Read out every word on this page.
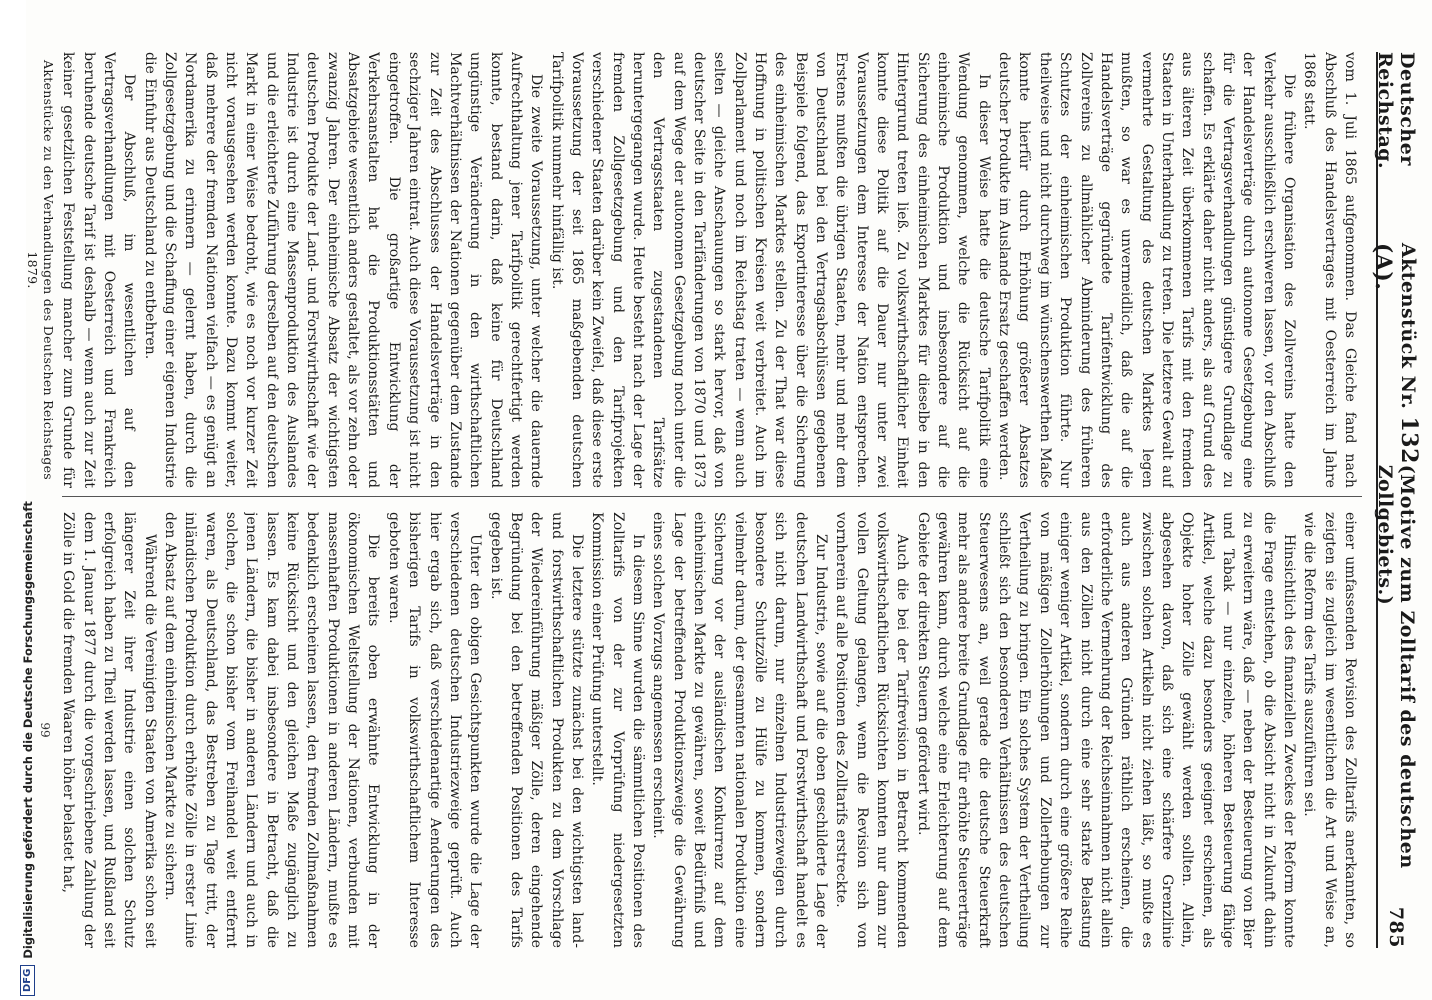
DFG
Digitalisierung gefördert durch die Deutsche Forschungsgemeinschaft
Deutscher Reichstag.
Aktenstück Nr. 132 (A).
(Motive zum Zolltarif des deutschen Zollgebiets.)
785

vom 1. Juli 1865 aufgenommen. Das Gleiche fand nach Abschluß des Handelsvertrages mit Oesterreich im Jahre 1868 statt.

Die frühere Organisation des Zollvereins hatte den Verkehr ausschließlich erschweren lassen, vor den Abschluß der Handelsverträge durch autonome Gesetzgebung eine für die Vertragsverhandlungen günstigere Grundlage zu schaffen. Es erklärte daher nicht anders, als auf Grund des aus älteren Zeit überkommenen Tarifs mit den fremden Staaten in Unterhandlung zu treten. Die letztere Gewalt auf vermehrte Gestaltung des deutschen Marktes legen mußten, so war es unvermeidlich, daß die auf die Handelsverträge gegründete Tarifentwicklung des Zollvereins zu allmählicher Abminderung des früheren Schutzes der einheimischen Produktion führte. Nur theilweise und nicht durchweg im wünschenswerthen Maße konnte hierfür durch Erhöhung größerer Absatzes deutscher Produkte im Auslande Ersatz geschaffen werden.

In dieser Weise hatte die deutsche Tarifpolitik eine Wendung genommen, welche die Rücksicht auf die einheimische Produktion und insbesondere auf die Sicherung des einheimischen Marktes für dieselbe in den Hintergrund treten ließ. Zu volkswirthschaftlicher Einheit konnte diese Politik auf die Dauer nur unter zwei Voraussetzungen dem Interesse der Nation entsprechen. Erstens mußten die übrigen Staaten, mehr und mehr dem von Deutschland bei den Vertragsabschlüssen gegebenen Beispiele folgend, das Exportinteresse über die Sicherung des einheimischen Marktes stellen. Zu der That war diese Hoffnung in politischen Kreisen weit verbreitet. Auch im Zollparlament und noch im Reichstag traten — wenn auch selten — gleiche Anschauungen so stark hervor, daß von deutscher Seite in den Tarifänderungen von 1870 und 1873 auf dem Wege der autonomen Gesetzgebung noch unter die den Vertragsstaaten zugestandenen Tarifsätze heruntergegangen wurde. Heute besteht nach der Lage der fremden Zollgesetzgebung und den Tarifprojekten verschiedener Staaten darüber kein Zweifel, daß diese erste Voraussetzung der seit 1865 maßgebenden deutschen Tarifpolitik nunmehr hinfällig ist.

Die zweite Voraussetzung, unter welcher die dauernde Aufrechthaltung jener Tarifpolitik gerechtfertigt werden konnte, bestand darin, daß keine für Deutschland ungünstige Veränderung in den wirthschaftlichen Machtverhältnissen der Nationen gegenüber dem Zustande zur Zeit des Abschlusses der Handelsverträge in den sechziger Jahren eintrat. Auch diese Voraussetzung ist nicht eingetroffen. Die großartige Entwicklung der Verkehrsanstalten hat die Produktionsstätten und Absatzgebiete wesentlich anders gestaltet, als vor zehn oder zwanzig Jahren. Der einheimische Absatz der wichtigsten deutschen Produkte der Land- und Forstwirthschaft wie der Industrie ist durch eine Massenproduktion des Auslandes und die erleichterte Zuführung derselben auf den deutschen Markt in einer Weise bedroht, wie es noch vor kurzer Zeit nicht vorausgesehen werden konnte. Dazu kommt weiter, daß mehrere der fremden Nationen vielfach — es genügt an Nordamerika zu erinnern — gelernt haben, durch die Zollgesetzgebung und die Schaffung einer eigenen Industrie die Einfuhr aus Deutschland zu entbehren.

Der Abschluß, im wesentlichen auf den Vertragsverhandlungen mit Oesterreich und Frankreich beruhende deutsche Tarif ist deshalb — wenn auch zur Zeit keiner gesetzlichen Feststellung mancher zum Grunde für

einer umfassenden Revision des Zolltarifs anerkannten, so zeigten sie zugleich im wesentlichen die Art und Weise an, wie die Reform des Tarifs auszuführen sei.

Hinsichtlich des finanziellen Zweckes der Reform konnte die Frage entstehen, ob die Absicht nicht in Zukunft dahin zu erweitern wäre, daß — neben der Besteuerung von Bier und Tabak — nur einzelne, höheren Besteuerung fähige Artikel, welche dazu besonders geeignet erscheinen, als Objekte hoher Zölle gewählt werden sollten. Allein, abgesehen davon, daß sich eine schärfere Grenzlinie zwischen solchen Artikeln nicht ziehen läßt, so mußte es auch aus anderen Gründen räthlich erscheinen, die erforderliche Vermehrung der Reichseinnahmen nicht allein aus den Zöllen nicht durch eine sehr starke Belastung einiger weniger Artikel, sondern durch eine größere Reihe von mäßigen Zollerhöhungen und Zollerhebungen zur Vertheilung zu bringen. Ein solches System der Vertheilung schließt sich den besonderen Verhältnissen des deutschen Steuerwesens an, weil gerade die deutsche Steuerkraft mehr als andere breite Grundlage für erhöhte Steuererträge gewähren kann, durch welche eine Erleichterung auf dem Gebiete der direkten Steuern gefördert wird.

Auch die bei der Tarifrevision in Betracht kommenden volkswirthschaftlichen Rücksichten konnten nur dann zur vollen Geltung gelangen, wenn die Revision sich von vornherein auf alle Positionen des Zolltarifs erstreckte.

Zur Industrie, sowie auf die oben geschilderte Lage der deutschen Landwirthschaft und Forstwirthschaft handelt es sich nicht darum, nur einzelnen Industriezweigen durch besondere Schutzzölle zu Hülfe zu kommen, sondern vielmehr darum, der gesammten nationalen Produktion eine Sicherung vor der ausländischen Konkurrenz auf dem einheimischen Markte zu gewähren, soweit Bedürfniß und Lage der betreffenden Produktionszweige die Gewährung eines solchen Vorzugs angemessen erscheint.

In diesem Sinne wurden die sämmtlichen Positionen des Zolltarifs von der zur Vorprüfung niedergesetzten Kommission einer Prüfung unterstellt.

Die letztere stützte zunächst bei den wichtigsten land- und forstwirthschaftlichen Produkten zu dem Vorschlage der Wiedereinführung mäßiger Zölle, deren eingehende Begründung bei den betreffenden Positionen des Tarifs gegeben ist.

Unter den obigen Gesichtspunkten wurde die Lage der verschiedenen deutschen Industriezweige geprüft. Auch hier ergab sich, daß verschiedenartige Aenderungen des bisherigen Tarifs in volkswirthschaftlichem Interesse geboten waren.

Die bereits oben erwähnte Entwicklung in der ökonomischen Weltstellung der Nationen, verbunden mit massenhaften Produktionen in anderen Ländern, mußte es bedenklich erscheinen lassen, den fremden Zollmaßnahmen keine Rücksicht und den gleichen Maße zugänglich zu lassen. Es kam dabei insbesondere in Betracht, daß die jenen Ländern, die bisher in anderen Ländern und auch in solchen, die schon bisher vom Freihandel weit entfernt waren, als Deutschland, das Bestreben zu Tage tritt, der inländischen Produktion durch erhöhte Zölle in erster Linie den Absatz auf dem einheimischen Markte zu sichern.

Während die Vereinigten Staaten von Amerika schon seit längerer Zeit ihrer Industrie einen solchen Schutz erfolgreich haben zu Theil werden lassen, und Rußland seit dem 1. Januar 1877 durch die vorgeschriebene Zahlung der Zölle in Gold die fremden Waaren höher belastet hat,

Aktenstücke zu den Verhandlungen des Deutschen Reichstages 1879.
99
